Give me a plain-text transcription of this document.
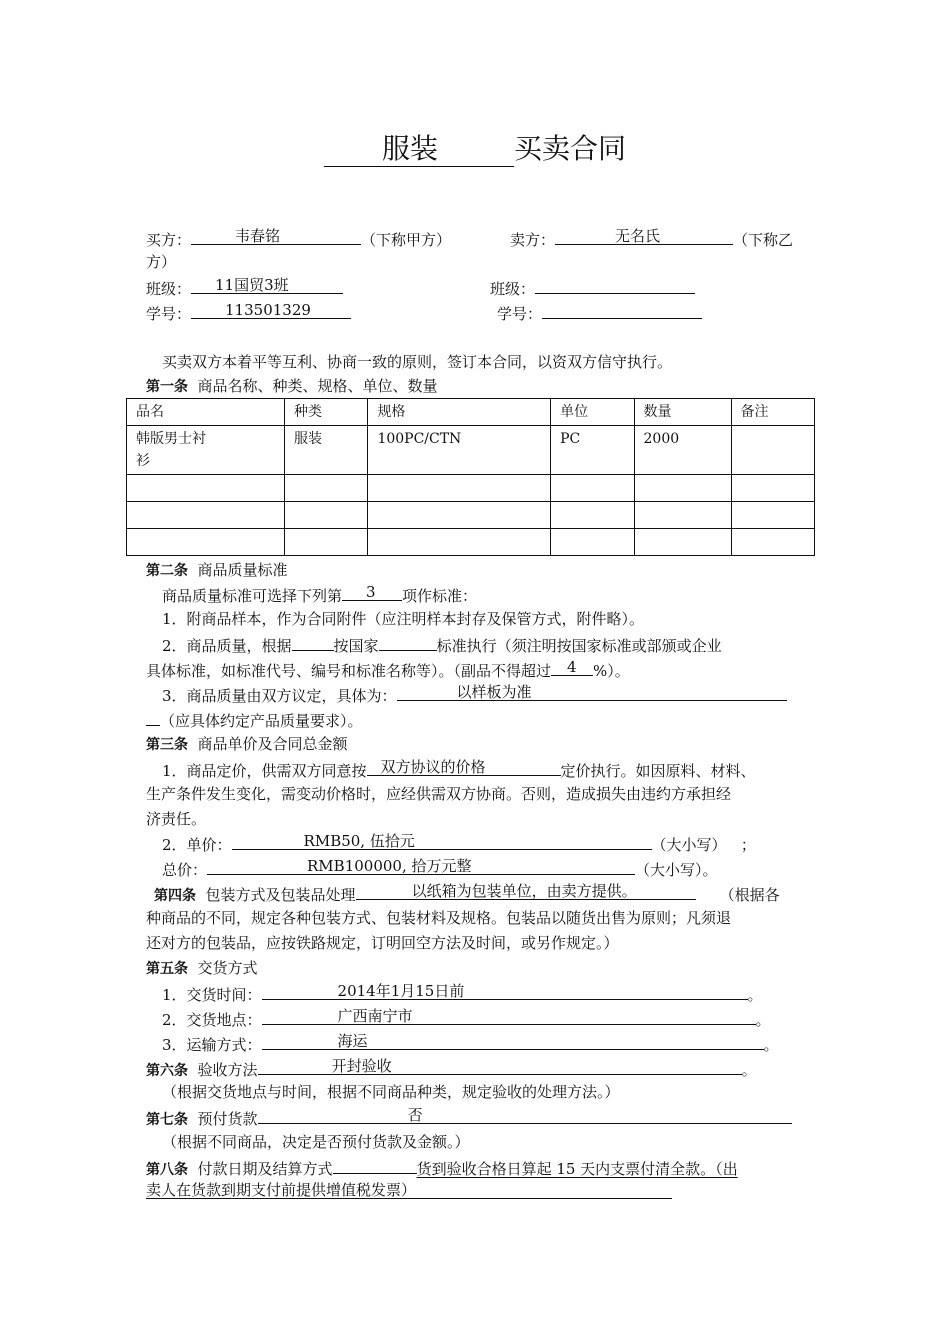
服装	买卖合同
买方：	韦春铭	（下称甲方）	卖方：	无名氏	（下称乙
方）
班级： 11国贸3班	班级：
学号： 113501329	学号：
买卖双方本着平等互利、协商一致的原则，签订本合同，以资双方信守执行。
第一条 商品名称、种类、规格、单位、数量
品名	种类	规格	单位	数量	备注
韩版男士衬
衫	服装	100PC/CTN	PC	2000	

第二条 商品质量标准
商品质量标准可选择下列第 3 项作标准：
1．附商品样本，作为合同附件（应注明样本封存及保管方式，附件略）。
2．商品质量，根据	按国家	标准执行（须注明按国家标准或部颁或企业
具体标准，如标准代号、编号和标准名称等）。（副品不得超过 4 %）。
3．商品质量由双方议定，具体为：	以样板为准
（应具体约定产品质量要求）。
第三条 商品单价及合同总金额
1．商品定价，供需双方同意按 双方协议的价格	定价执行。如因原料、材料、
生产条件发生变化，需变动价格时，应经供需双方协商。否则，造成损失由违约方承担经
济责任。
2．单价：	RMB50, 伍拾元	（大小写） ；
总价：	RMB100000, 拾万元整	（大小写）。
第四条 包装方式及包装品处理	以纸箱为包装单位，由卖方提供。	（根据各
种商品的不同，规定各种包装方式、包装材料及规格。包装品以随货出售为原则；凡须退
还对方的包装品，应按铁路规定，订明回空方法及时间，或另作规定。）
第五条 交货方式
1．交货时间：	2014年1月15日前	。
2．交货地点：	广西南宁市	。
3．运输方式：	海运	。
第六条 验收方法	开封验收	。
（根据交货地点与时间，根据不同商品种类，规定验收的处理方法。）
第七条 预付货款	否
（根据不同商品，决定是否预付货款及金额。）
第八条 付款日期及结算方式	货到验收合格日算起 15 天内支票付清全款。（出
卖人在货款到期支付前提供增值税发票）
